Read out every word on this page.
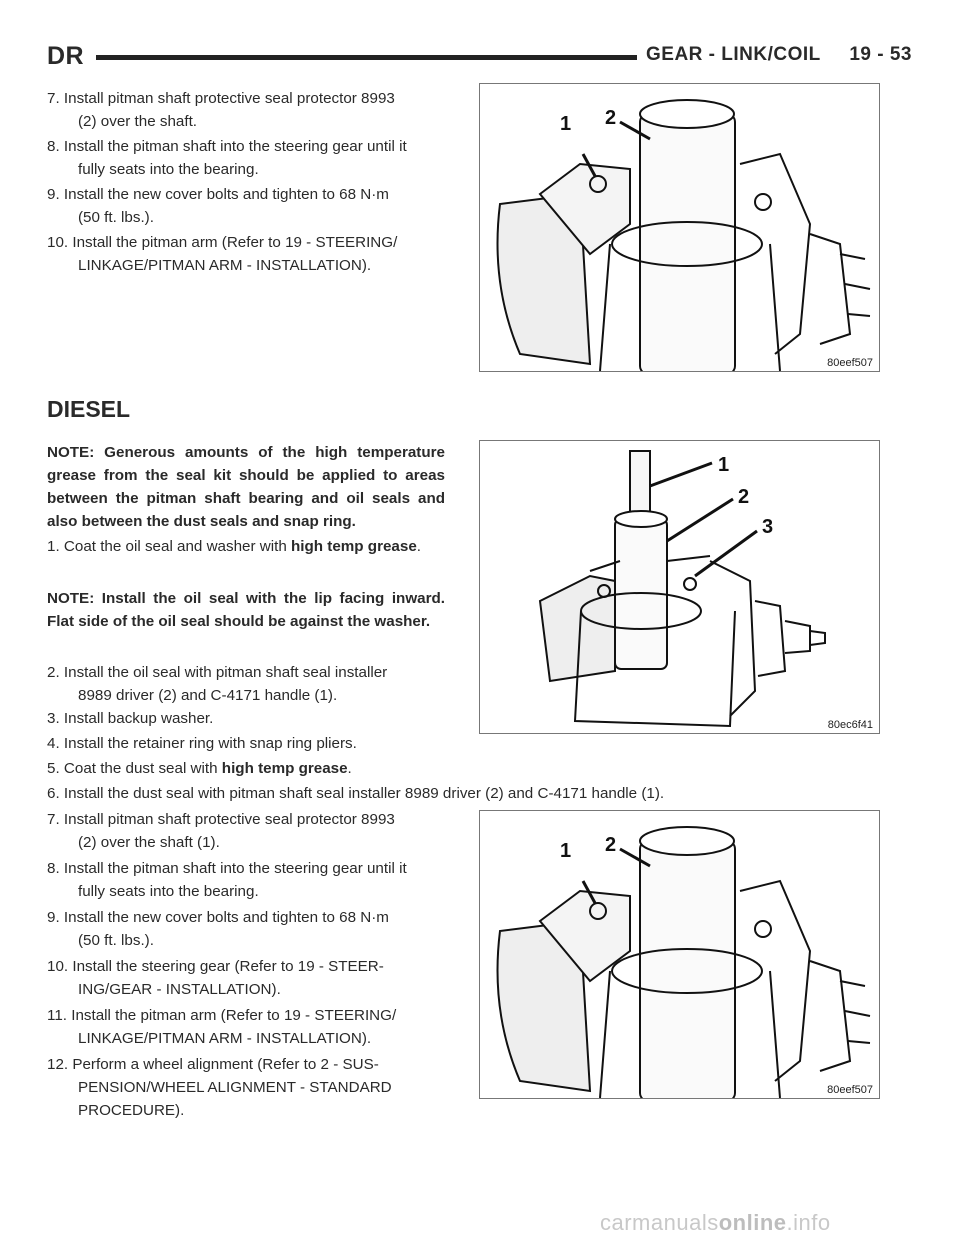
DR	GEAR - LINK/COIL     19 - 53
7. Install pitman shaft protective seal protector 8993
(2) over the shaft.
8. Install the pitman shaft into the steering gear until it
fully seats into the bearing.
9. Install the new cover bolts and tighten to 68 N·m
(50 ft. lbs.).
10. Install the pitman arm (Refer to 19 - STEERING/
LINKAGE/PITMAN ARM - INSTALLATION).
1 2
80eef507
DIESEL
NOTE: Generous amounts of the high temperature grease from the seal kit should be applied to areas between the pitman shaft bearing and oil seals and also between the dust seals and snap ring.
1. Coat the oil seal and washer with high temp grease.
NOTE: Install the oil seal with the lip facing inward. Flat side of the oil seal should be against the washer.
2. Install the oil seal with pitman shaft seal installer
8989 driver (2) and C-4171 handle (1).
3. Install backup washer.
4. Install the retainer ring with snap ring pliers.
5. Coat the dust seal with high temp grease.
6. Install the dust seal with pitman shaft seal installer 8989 driver (2) and C-4171 handle (1).
1
2
3
80ec6f41
7. Install pitman shaft protective seal protector 8993
(2) over the shaft (1).
8. Install the pitman shaft into the steering gear until it
fully seats into the bearing.
9. Install the new cover bolts and tighten to 68 N·m
(50 ft. lbs.).
10. Install the steering gear (Refer to 19 - STEER-
ING/GEAR - INSTALLATION).
11. Install the pitman arm (Refer to 19 - STEERING/
LINKAGE/PITMAN ARM - INSTALLATION).
12. Perform a wheel alignment (Refer to 2 - SUS-
PENSION/WHEEL ALIGNMENT - STANDARD
PROCEDURE).
1 2
80eef507
carmanualsonline.info
